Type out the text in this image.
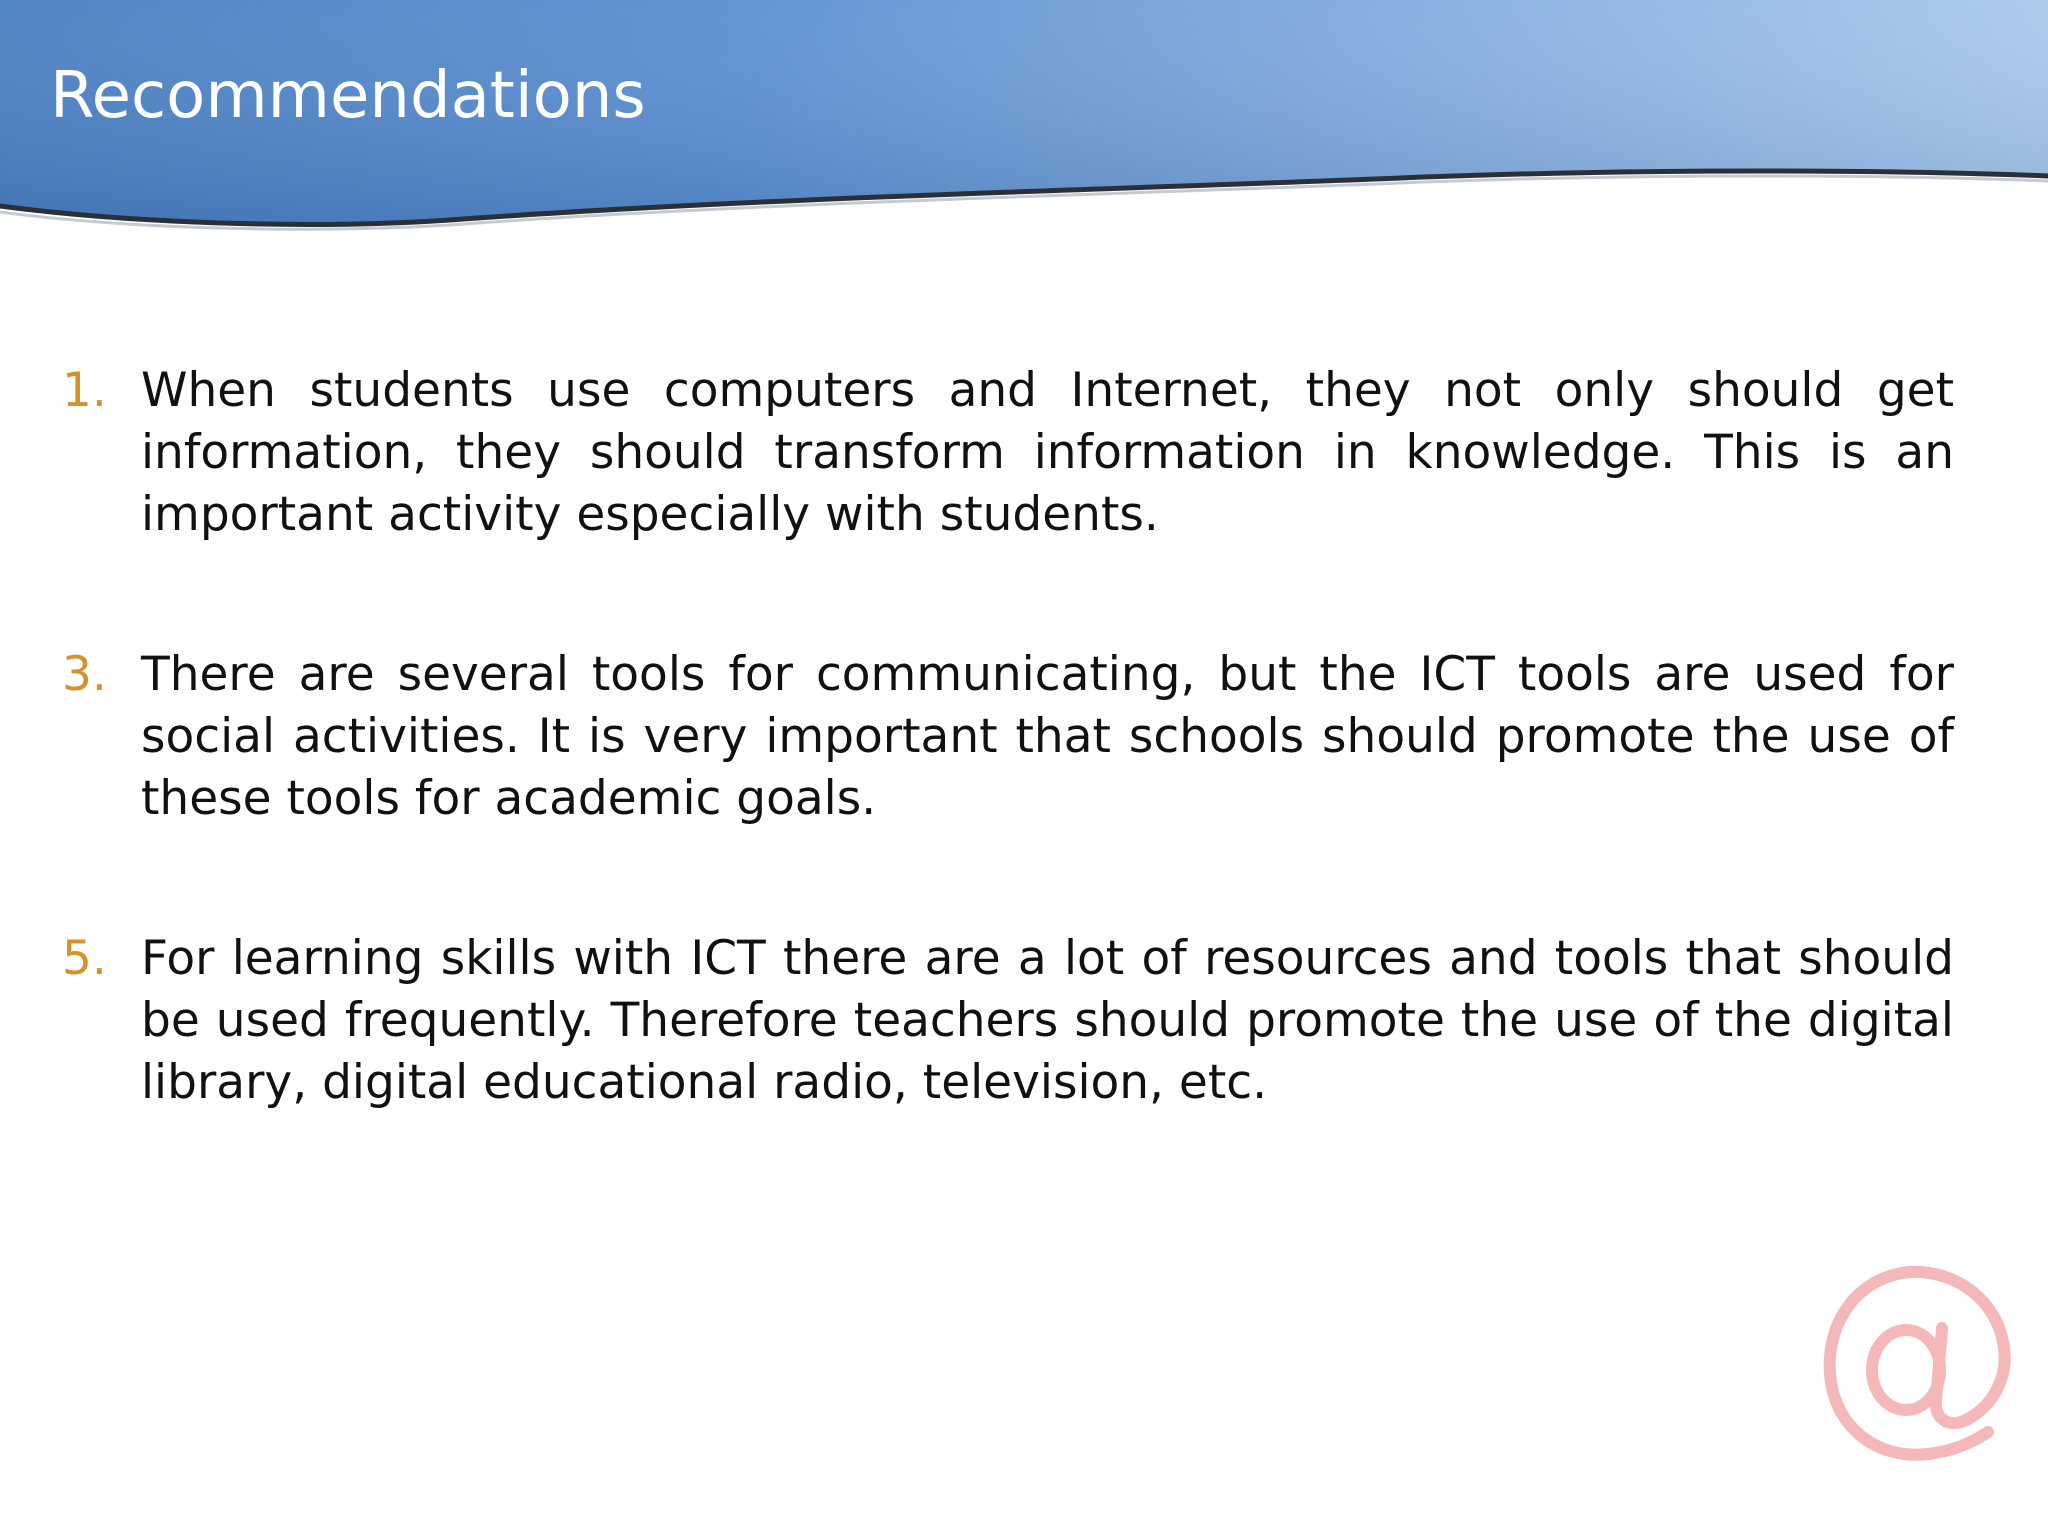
Recommendations
1. When students use computers and Internet, they not only should get information, they should transform information in knowledge. This is an important activity especially with students.
3. There are several tools for communicating, but the ICT tools are used for social activities. It is very important that schools should promote the use of these tools for academic goals.
5. For learning skills with ICT there are a lot of resources and tools that should be used frequently. Therefore teachers should promote the use of the digital library, digital educational radio, television, etc.
